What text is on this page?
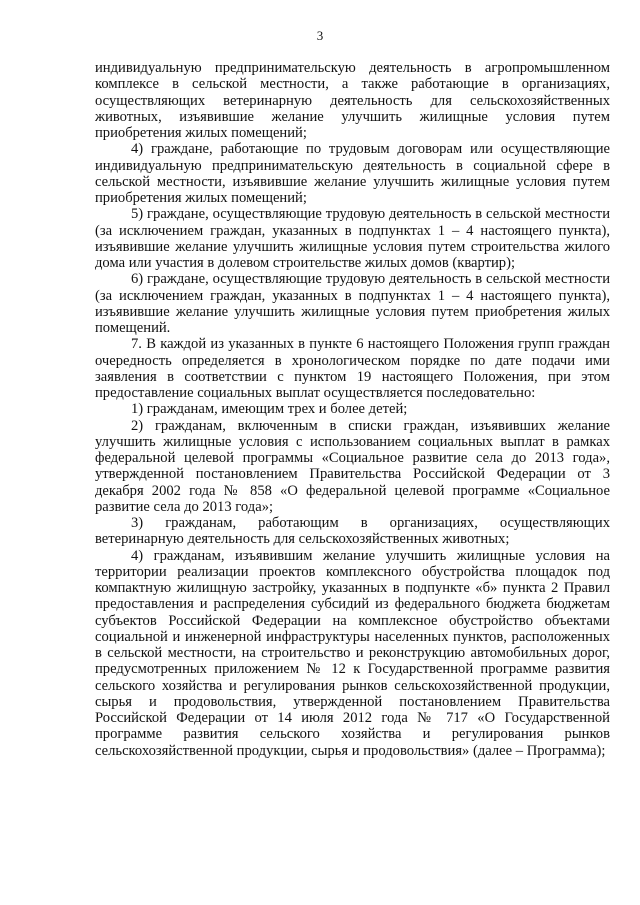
3

индивидуальную предпринимательскую деятельность в агропромышленном комплексе в сельской местности, а также работающие в организациях, осуществляющих ветеринарную деятельность для сельскохозяйственных животных, изъявившие желание улучшить жилищные условия путем приобретения жилых помещений;

4) граждане, работающие по трудовым договорам или осуществляющие индивидуальную предпринимательскую деятельность в социальной сфере в сельской местности, изъявившие желание улучшить жилищные условия путем приобретения жилых помещений;

5) граждане, осуществляющие трудовую деятельность в сельской местности (за исключением граждан, указанных в подпунктах 1 – 4 настоящего пункта), изъявившие желание улучшить жилищные условия путем строительства жилого дома или участия в долевом строительстве жилых домов (квартир);

6) граждане, осуществляющие трудовую деятельность в сельской местности (за исключением граждан, указанных в подпунктах 1 – 4 настоящего пункта), изъявившие желание улучшить жилищные условия путем приобретения жилых помещений.

7. В каждой из указанных в пункте 6 настоящего Положения групп граждан очередность определяется в хронологическом порядке по дате подачи ими заявления в соответствии с пунктом 19 настоящего Положения, при этом предоставление социальных выплат осуществляется последовательно:

1) гражданам, имеющим трех и более детей;

2) гражданам, включенным в списки граждан, изъявивших желание улучшить жилищные условия с использованием социальных выплат в рамках федеральной целевой программы «Социальное развитие села до 2013 года», утвержденной постановлением Правительства Российской Федерации от 3 декабря 2002 года № 858 «О федеральной целевой программе «Социальное развитие села до 2013 года»;

3) гражданам, работающим в организациях, осуществляющих ветеринарную деятельность для сельскохозяйственных животных;

4) гражданам, изъявившим желание улучшить жилищные условия на территории реализации проектов комплексного обустройства площадок под компактную жилищную застройку, указанных в подпункте «б» пункта 2 Правил предоставления и распределения субсидий из федерального бюджета бюджетам субъектов Российской Федерации на комплексное обустройство объектами социальной и инженерной инфраструктуры населенных пунктов, расположенных в сельской местности, на строительство и реконструкцию автомобильных дорог, предусмотренных приложением № 12 к Государственной программе развития сельского хозяйства и регулирования рынков сельскохозяйственной продукции, сырья и продовольствия, утвержденной постановлением Правительства Российской Федерации от 14 июля 2012 года № 717 «О Государственной программе развития сельского хозяйства и регулирования рынков сельскохозяйственной продукции, сырья и продовольствия» (далее – Программа);
